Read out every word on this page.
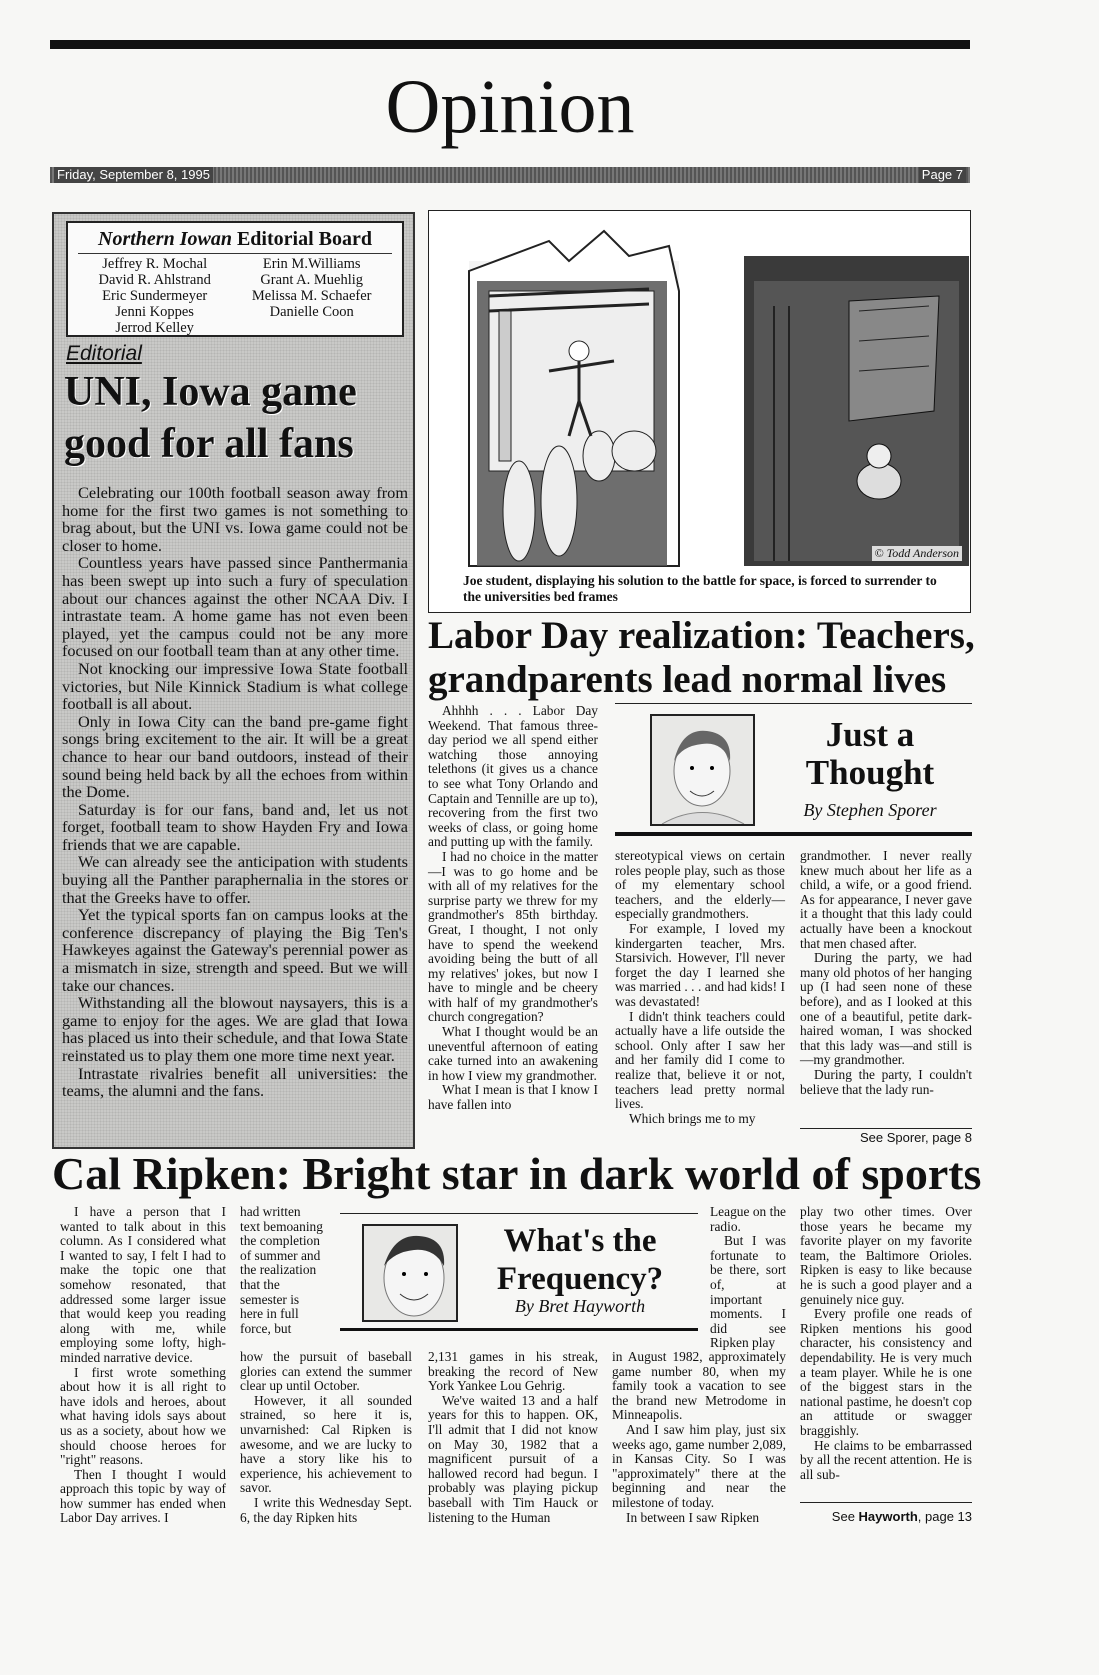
Opinion
Friday, September 8, 1995	Page 7
Northern Iowan Editorial Board
Jeffrey R. Mochal
David R. Ahlstrand
Eric Sundermeyer
Jenni Koppes
Jerrod Kelley
Erin M.Williams
Grant A. Muehlig
Melissa M. Schaefer
Danielle Coon
Editorial
UNI, Iowa game good for all fans

Celebrating our 100th football season away from home for the first two games is not something to brag about, but the UNI vs. Iowa game could not be closer to home.

Countless years have passed since Panthermania has been swept up into such a fury of speculation about our chances against the other NCAA Div. I intrastate team. A home game has not even been played, yet the campus could not be any more focused on our football team than at any other time.

Not knocking our impressive Iowa State football victories, but Nile Kinnick Stadium is what college football is all about.

Only in Iowa City can the band pre-game fight songs bring excitement to the air. It will be a great chance to hear our band outdoors, instead of their sound being held back by all the echoes from within the Dome.

Saturday is for our fans, band and, let us not forget, football team to show Hayden Fry and Iowa friends that we are capable.

We can already see the anticipation with students buying all the Panther paraphernalia in the stores or that the Greeks have to offer.

Yet the typical sports fan on campus looks at the conference discrepancy of playing the Big Ten's Hawkeyes against the Gateway's perennial power as a mismatch in size, strength and speed. But we will take our chances.

Withstanding all the blowout naysayers, this is a game to enjoy for the ages. We are glad that Iowa has placed us into their schedule, and that Iowa State reinstated us to play them one more time next year.

Intrastate rivalries benefit all universities: the teams, the alumni and the fans.

© Todd Anderson
Joe student, displaying his solution to the battle for space, is forced to surrender to the universities bed frames
Labor Day realization: Teachers, grandparents lead normal lives

Ahhhh . . . Labor Day Weekend. That famous three-day period we all spend either watching those annoying telethons (it gives us a chance to see what Tony Orlando and Captain and Tennille are up to), recovering from the first two weeks of class, or going home and putting up with the family.

I had no choice in the matter—I was to go home and be with all of my relatives for the surprise party we threw for my grandmother's 85th birthday. Great, I thought, I not only have to spend the weekend avoiding being the butt of all my relatives' jokes, but now I have to mingle and be cheery with half of my grandmother's church congregation?

What I thought would be an uneventful afternoon of eating cake turned into an awakening in how I view my grandmother.

What I mean is that I know I have fallen into

Just a Thought
By Stephen Sporer

stereotypical views on certain roles people play, such as those of my elementary school teachers, and the elderly—especially grandmothers.

For example, I loved my kindergarten teacher, Mrs. Starsivich. However, I'll never forget the day I learned she was married . . . and had kids! I was devastated!

I didn't think teachers could actually have a life outside the school. Only after I saw her and her family did I come to realize that, believe it or not, teachers lead pretty normal lives.

Which brings me to my

grandmother. I never really knew much about her life as a child, a wife, or a good friend. As for appearance, I never gave it a thought that this lady could actually have been a knockout that men chased after.

During the party, we had many old photos of her hanging up (I had seen none of these before), and as I looked at this one of a beautiful, petite dark-haired woman, I was shocked that this lady was—and still is—my grandmother.

During the party, I couldn't believe that the lady run-

See Sporer, page 8
Cal Ripken: Bright star in dark world of sports

I have a person that I wanted to talk about in this column. As I considered what I wanted to say, I felt I had to make the topic one that somehow resonated, that addressed some larger issue that would keep you reading along with me, while employing some lofty, high-minded narrative device.

I first wrote something about how it is all right to have idols and heroes, about what having idols says about us as a society, about how we should choose heroes for "right" reasons.

Then I thought I would approach this topic by way of how summer has ended when Labor Day arrives. I

had written text bemoaning the completion of summer and the realization that the semester is here in full force, but

how the pursuit of baseball glories can extend the summer clear up until October.

However, it all sounded strained, so here it is, unvarnished: Cal Ripken is awesome, and we are lucky to have a story like his to experience, his achievement to savor.

I write this Wednesday Sept. 6, the day Ripken hits

What's the Frequency?
By Bret Hayworth

2,131 games in his streak, breaking the record of New York Yankee Lou Gehrig.

We've waited 13 and a half years for this to happen. OK, I'll admit that I did not know on May 30, 1982 that a magnificent pursuit of a hallowed record had begun. I probably was playing pickup baseball with Tim Hauck or listening to the Human

League on the radio.

But I was fortunate to be there, sort of, at important moments. I did see Ripken play

in August 1982, approximately game number 80, when my family took a vacation to see the brand new Metrodome in Minneapolis.

And I saw him play, just six weeks ago, game number 2,089, in Kansas City. So I was "approximately" there at the beginning and near the milestone of today.

In between I saw Ripken

play two other times. Over those years he became my favorite player on my favorite team, the Baltimore Orioles. Ripken is easy to like because he is such a good player and a genuinely nice guy.

Every profile one reads of Ripken mentions his good character, his consistency and dependability. He is very much a team player. While he is one of the biggest stars in the national pastime, he doesn't cop an attitude or swagger braggishly.

He claims to be embarrassed by all the recent attention. He is all sub-

See Hayworth, page 13
